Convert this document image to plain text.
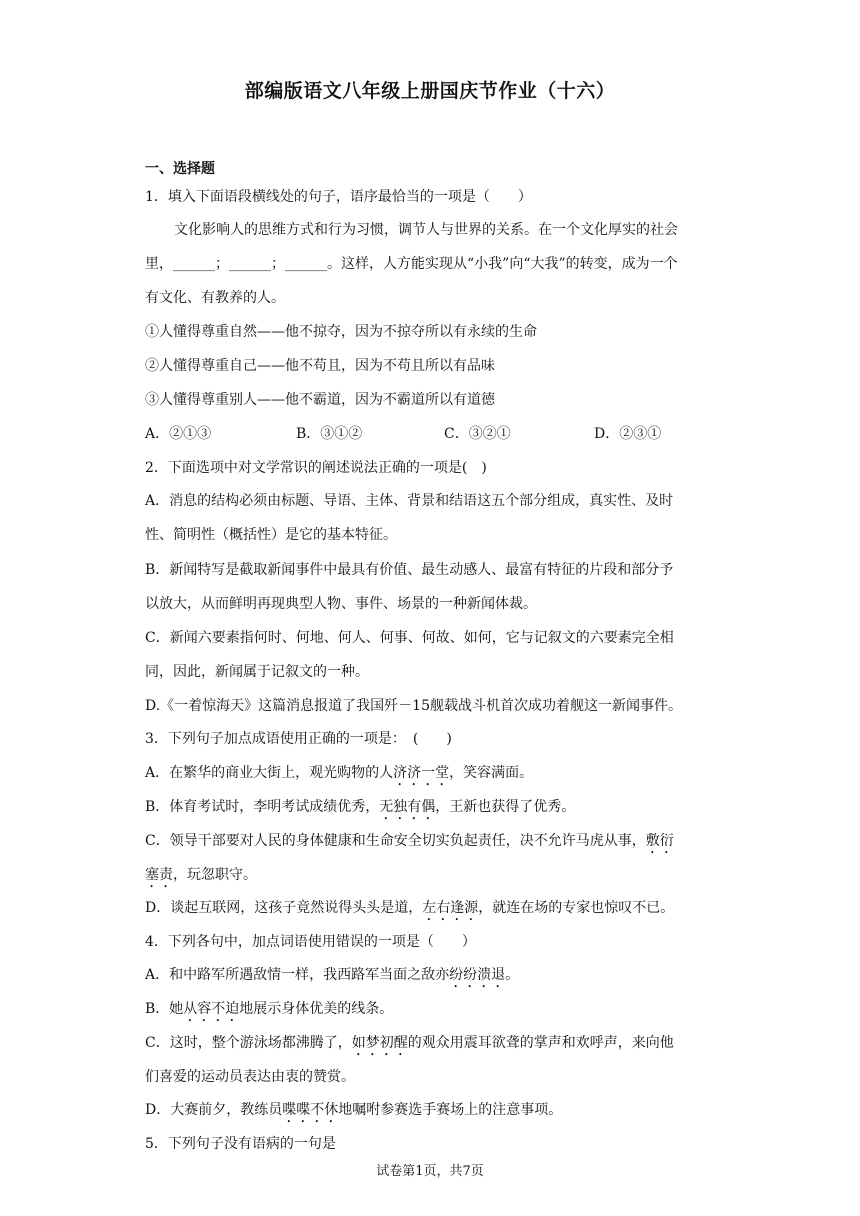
部编版语文八年级上册国庆节作业（十六）
一、选择题
1．填入下面语段横线处的句子，语序最恰当的一项是（　　）
文化影响人的思维方式和行为习惯，调节人与世界的关系。在一个文化厚实的社会
里，______；______；______。这样，人方能实现从“小我”向“大我”的转变，成为一个
有文化、有教养的人。
①人懂得尊重自然——他不掠夺，因为不掠夺所以有永续的生命
②人懂得尊重自己——他不苟且，因为不苟且所以有品味
③人懂得尊重别人——他不霸道，因为不霸道所以有道德
A．②①③	B．③①②	C．③②①	D．②③①
2．下面选项中对文学常识的阐述说法正确的一项是(　)
A．消息的结构必须由标题、导语、主体、背景和结语这五个部分组成，真实性、及时
性、简明性（概括性）是它的基本特征。
B．新闻特写是截取新闻事件中最具有价值、最生动感人、最富有特征的片段和部分予
以放大，从而鲜明再现典型人物、事件、场景的一种新闻体裁。
C．新闻六要素指何时、何地、何人、何事、何故、如何，它与记叙文的六要素完全相
同，因此，新闻属于记叙文的一种。
D.《一着惊海天》这篇消息报道了我国歼－15舰载战斗机首次成功着舰这一新闻事件。
3．下列句子加点成语使用正确的一项是：　(　　)
A．在繁华的商业大街上，观光购物的人济济一堂，笑容满面。
B．体育考试时，李明考试成绩优秀，无独有偶，王新也获得了优秀。
C．领导干部要对人民的身体健康和生命安全切实负起责任，决不允许马虎从事，敷衍
塞责，玩忽职守。
D．谈起互联网，这孩子竟然说得头头是道，左右逢源，就连在场的专家也惊叹不已。
4．下列各句中，加点词语使用错误的一项是（　　）
A．和中路军所遇敌情一样，我西路军当面之敌亦纷纷溃退。
B．她从容不迫地展示身体优美的线条。
C．这时，整个游泳场都沸腾了，如梦初醒的观众用震耳欲聋的掌声和欢呼声，来向他
们喜爱的运动员表达由衷的赞赏。
D．大赛前夕，教练员喋喋不休地嘱咐参赛选手赛场上的注意事项。
5．下列句子没有语病的一句是
试卷第1页，共7页
